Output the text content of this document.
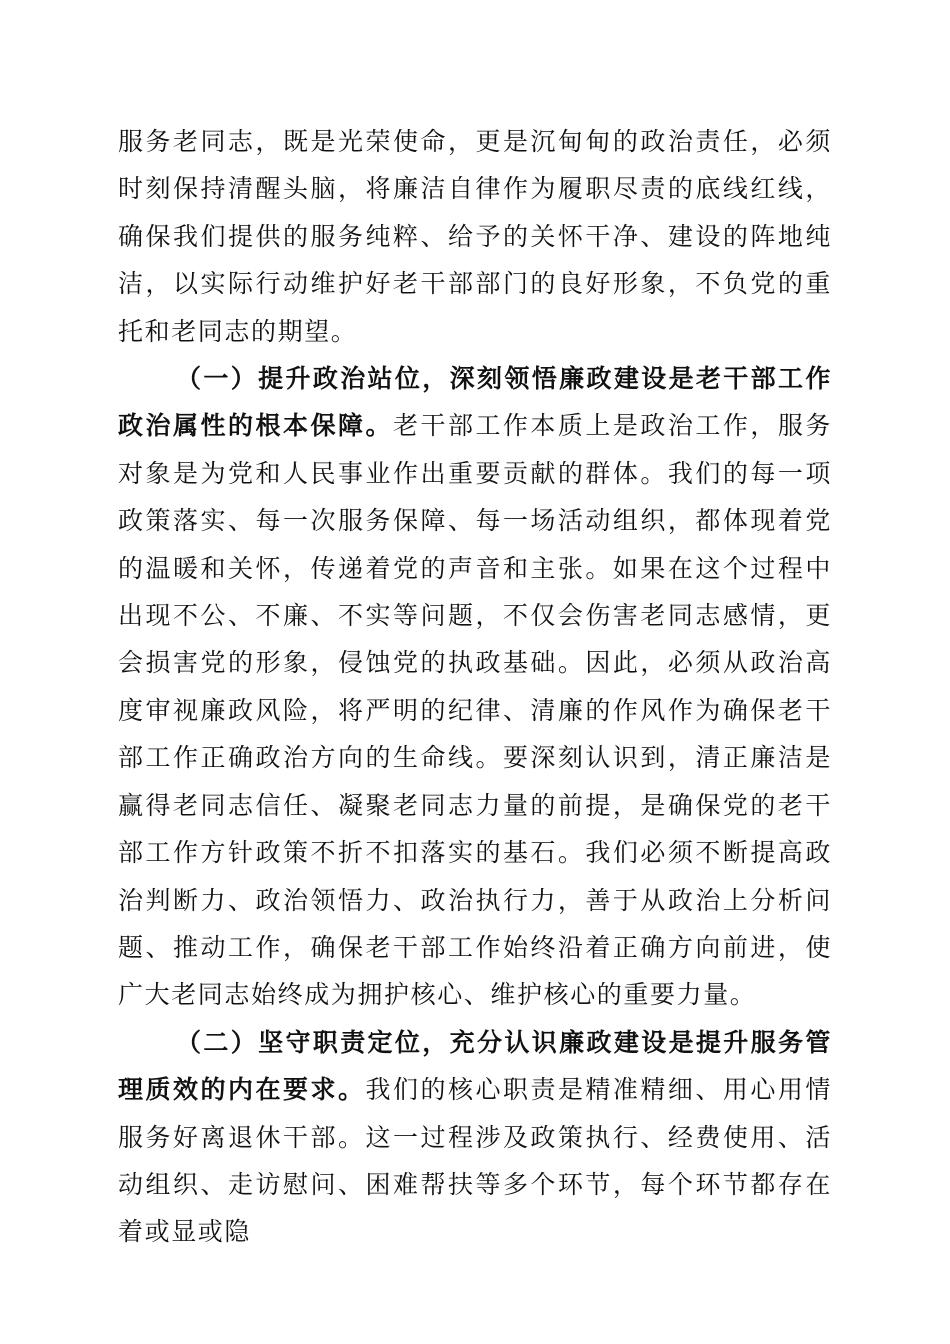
服务老同志，既是光荣使命，更是沉甸甸的政治责任，必须时刻保持清醒头脑，将廉洁自律作为履职尽责的底线红线，确保我们提供的服务纯粹、给予的关怀干净、建设的阵地纯洁，以实际行动维护好老干部部门的良好形象，不负党的重托和老同志的期望。

（一）提升政治站位，深刻领悟廉政建设是老干部工作政治属性的根本保障。老干部工作本质上是政治工作，服务对象是为党和人民事业作出重要贡献的群体。我们的每一项政策落实、每一次服务保障、每一场活动组织，都体现着党的温暖和关怀，传递着党的声音和主张。如果在这个过程中出现不公、不廉、不实等问题，不仅会伤害老同志感情，更会损害党的形象，侵蚀党的执政基础。因此，必须从政治高度审视廉政风险，将严明的纪律、清廉的作风作为确保老干部工作正确政治方向的生命线。要深刻认识到，清正廉洁是赢得老同志信任、凝聚老同志力量的前提，是确保党的老干部工作方针政策不折不扣落实的基石。我们必须不断提高政治判断力、政治领悟力、政治执行力，善于从政治上分析问题、推动工作，确保老干部工作始终沿着正确方向前进，使广大老同志始终成为拥护核心、维护核心的重要力量。

（二）坚守职责定位，充分认识廉政建设是提升服务管理质效的内在要求。我们的核心职责是精准精细、用心用情服务好离退休干部。这一过程涉及政策执行、经费使用、活动组织、走访慰问、困难帮扶等多个环节，每个环节都存在着或显或隐
